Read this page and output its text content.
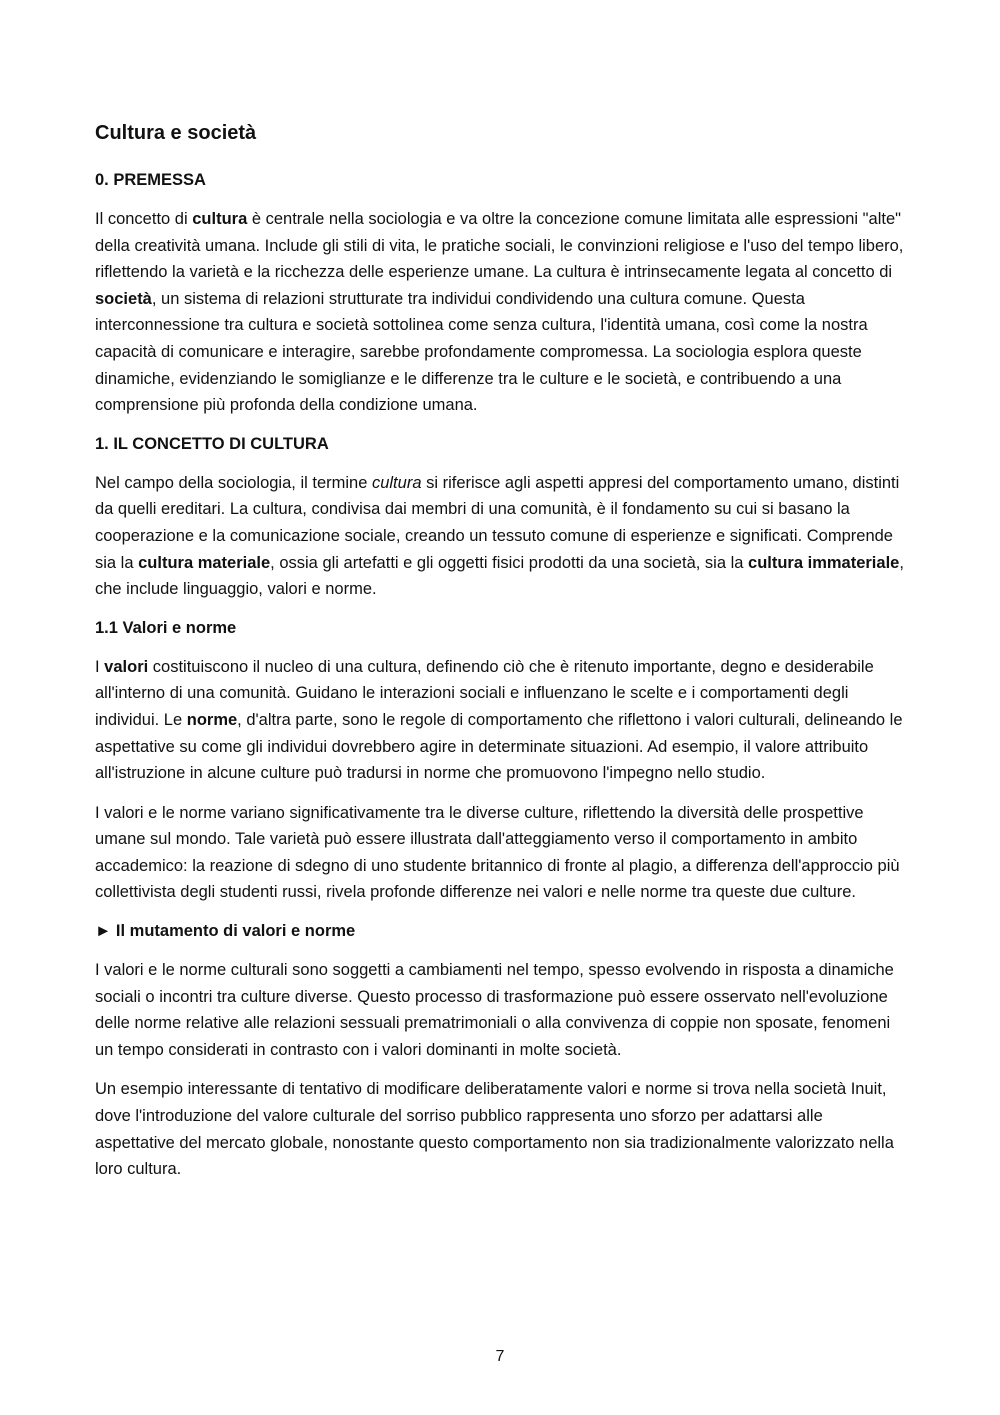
Cultura e società
0. PREMESSA

Il concetto di cultura è centrale nella sociologia e va oltre la concezione comune limitata alle espressioni "alte" della creatività umana. Include gli stili di vita, le pratiche sociali, le convinzioni religiose e l'uso del tempo libero, riflettendo la varietà e la ricchezza delle esperienze umane. La cultura è intrinsecamente legata al concetto di società, un sistema di relazioni strutturate tra individui condividendo una cultura comune. Questa interconnessione tra cultura e società sottolinea come senza cultura, l'identità umana, così come la nostra capacità di comunicare e interagire, sarebbe profondamente compromessa. La sociologia esplora queste dinamiche, evidenziando le somiglianze e le differenze tra le culture e le società, e contribuendo a una comprensione più profonda della condizione umana.

1. IL CONCETTO DI CULTURA

Nel campo della sociologia, il termine cultura si riferisce agli aspetti appresi del comportamento umano, distinti da quelli ereditari. La cultura, condivisa dai membri di una comunità, è il fondamento su cui si basano la cooperazione e la comunicazione sociale, creando un tessuto comune di esperienze e significati. Comprende sia la cultura materiale, ossia gli artefatti e gli oggetti fisici prodotti da una società, sia la cultura immateriale, che include linguaggio, valori e norme.

1.1 Valori e norme

I valori costituiscono il nucleo di una cultura, definendo ciò che è ritenuto importante, degno e desiderabile all'interno di una comunità. Guidano le interazioni sociali e influenzano le scelte e i comportamenti degli individui. Le norme, d'altra parte, sono le regole di comportamento che riflettono i valori culturali, delineando le aspettative su come gli individui dovrebbero agire in determinate situazioni. Ad esempio, il valore attribuito all'istruzione in alcune culture può tradursi in norme che promuovono l'impegno nello studio.

I valori e le norme variano significativamente tra le diverse culture, riflettendo la diversità delle prospettive umane sul mondo. Tale varietà può essere illustrata dall'atteggiamento verso il comportamento in ambito accademico: la reazione di sdegno di uno studente britannico di fronte al plagio, a differenza dell'approccio più collettivista degli studenti russi, rivela profonde differenze nei valori e nelle norme tra queste due culture.

► Il mutamento di valori e norme

I valori e le norme culturali sono soggetti a cambiamenti nel tempo, spesso evolvendo in risposta a dinamiche sociali o incontri tra culture diverse. Questo processo di trasformazione può essere osservato nell'evoluzione delle norme relative alle relazioni sessuali prematrimoniali o alla convivenza di coppie non sposate, fenomeni un tempo considerati in contrasto con i valori dominanti in molte società.

Un esempio interessante di tentativo di modificare deliberatamente valori e norme si trova nella società Inuit, dove l'introduzione del valore culturale del sorriso pubblico rappresenta uno sforzo per adattarsi alle aspettative del mercato globale, nonostante questo comportamento non sia tradizionalmente valorizzato nella loro cultura.

7
